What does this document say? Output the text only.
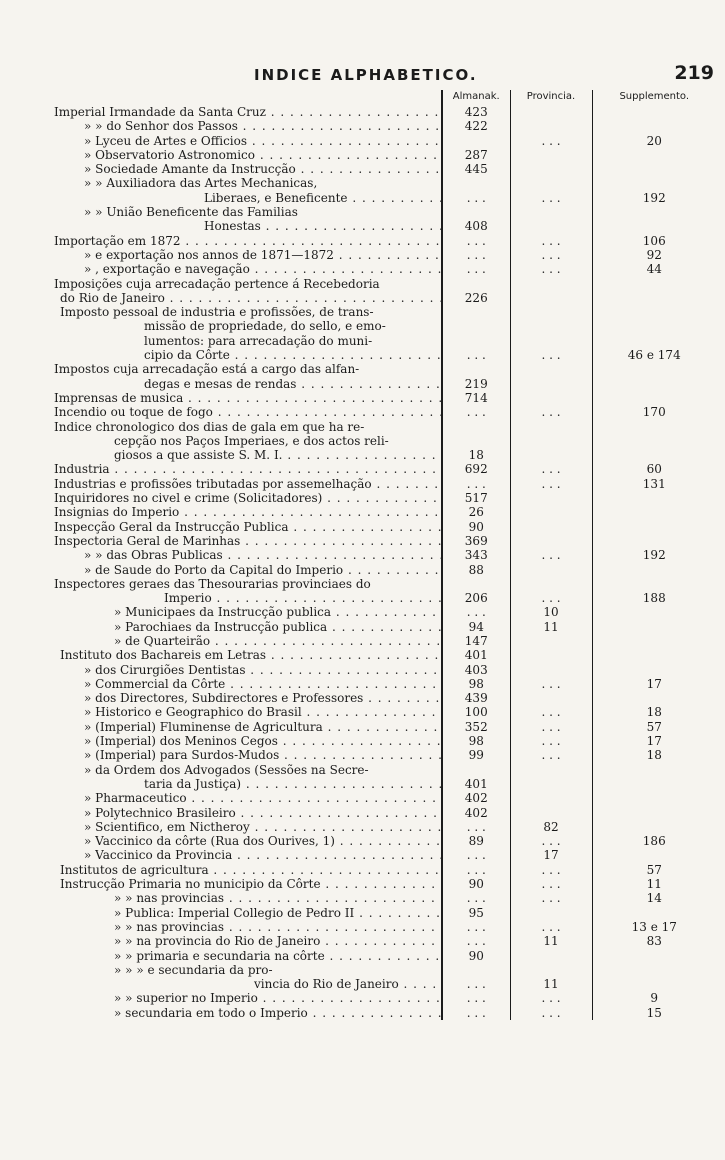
INDICE ALPHABETICO.	219
	Almanak.	Provincia.	Supplemento.
Imperial Irmandade da Santa Cruz . . .	423		
» » do Senhor dos Passos . . .	422		
» Lyceu de Artes e Officios . . .		. . .	20
» Observatorio Astronomico . . .	287		
» Sociedade Amante da Instrucção . . .	445		
» » Auxiliadora das Artes Mechanicas,			
Liberaes, e Beneficente . . .	. . .	. . .	192
» » União Beneficente das Familias			
Honestas . . .	408		
Importação em 1872 . . .	. . .	. . .	106
» e exportação nos annos de 1871—1872 . . .	. . .	. . .	92
» , exportação e navegação . . .	. . .	. . .	44
Imposições cuja arrecadação pertence á Recebedoria			
do Rio de Janeiro . . .	226		
Imposto pessoal de industria e profissões, de trans-			
missão de propriedade, do sello, e emo-			
lumentos: para arrecadação do muni-			
cipio da Côrte . . .	. . .	. . .	46 e 174
Impostos cuja arrecadação está a cargo das alfan-			
degas e mesas de rendas . . .	219		
Imprensas de musica . . .	714		
Incendio ou toque de fogo . . .	. . .	. . .	170
Indice chronologico dos dias de gala em que ha re-			
cepção nos Paços Imperiaes, e dos actos reli-			
giosos a que assiste S. M. I. . . .	18		
Industria . . .	692	. . .	60
Industrias e profissões tributadas por assemelhação . . .	. . .	. . .	131
Inquiridores no civel e crime (Solicitadores) . . .	517		
Insignias do Imperio . . .	26		
Inspecção Geral da Instrucção Publica . . .	90		
Inspectoria Geral de Marinhas . . .	369		
» » das Obras Publicas . . .	343	. . .	192
» de Saude do Porto da Capital do Imperio . . .	88		
Inspectores geraes das Thesourarias provinciaes do			
Imperio . . .	206	. . .	188
» Municipaes da Instrucção publica . . .	. . .	10	
» Parochiaes da Instrucção publica . . .	94	11	
» de Quarteirão . . .	147		
Instituto dos Bachareis em Letras . . .	401		
» dos Cirurgiões Dentistas . . .	403		
» Commercial da Côrte . . .	98	. . .	17
» dos Directores, Subdirectores e Professores . . .	439		
» Historico e Geographico do Brasil . . .	100	. . .	18
» (Imperial) Fluminense de Agricultura . . .	352	. . .	57
» (Imperial) dos Meninos Cegos . . .	98	. . .	17
» (Imperial) para Surdos-Mudos . . .	99	. . .	18
» da Ordem dos Advogados (Sessões na Secre-			
taria da Justiça) . . .	401		
» Pharmaceutico . . .	402		
» Polytechnico Brasileiro . . .	402		
» Scientifico, em Nictheroy . . .	. . .	82	
» Vaccinico da côrte (Rua dos Ourives, 1) . . .	89	. . .	186
» Vaccinico da Provincia . . .	. . .	17	
Institutos de agricultura . . .	. . .	. . .	57
Instrucção Primaria no municipio da Côrte . . .	90	. . .	11
» » nas provincias . . .	. . .	. . .	14
» Publica: Imperial Collegio de Pedro II . . .	95		
» » nas provincias . . .	. . .	. . .	13 e 17
» » na provincia do Rio de Janeiro . . .	. . .	11	83
» » primaria e secundaria na côrte . . .	90		
» » » e secundaria da pro-			
vincia do Rio de Janeiro . . .	. . .	11	
» » superior no Imperio . . .	. . .	. . .	9
» secundaria em todo o Imperio . . .	. . .	. . .	15
